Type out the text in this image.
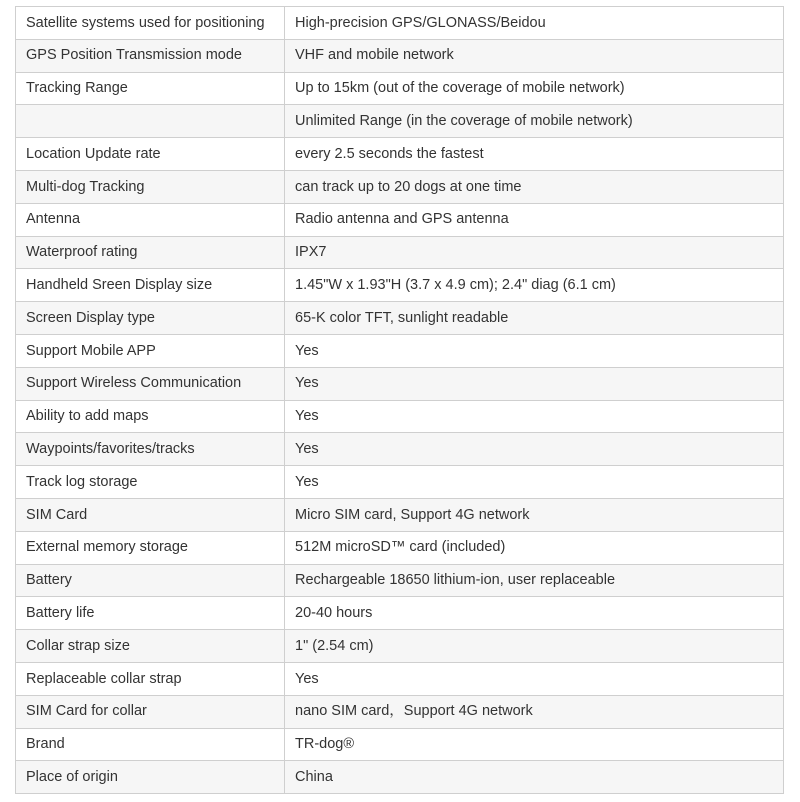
Satellite systems used for positioning	High-precision GPS/GLONASS/Beidou
GPS Position Transmission mode	VHF and mobile network
Tracking Range	Up to 15km (out of the coverage of mobile network)
	Unlimited Range (in the coverage of mobile network)
Location Update rate	every 2.5 seconds the fastest
Multi-dog Tracking	can track up to 20 dogs at one time
Antenna	Radio antenna and GPS antenna
Waterproof rating	IPX7
Handheld Sreen Display size	1.45"W x 1.93"H (3.7 x 4.9 cm); 2.4" diag (6.1 cm)
Screen Display type	65-K color TFT, sunlight readable
Support Mobile APP	Yes
Support Wireless Communication	Yes
Ability to add maps	Yes
Waypoints/favorites/tracks	Yes
Track log storage	Yes
SIM Card	Micro SIM card, Support 4G network
External memory storage	512M microSD™ card (included)
Battery	Rechargeable 18650 lithium-ion, user replaceable
Battery life	20-40 hours
Collar strap size	1" (2.54 cm)
Replaceable collar strap	Yes
SIM Card for collar	nano SIM card，Support 4G network
Brand	TR-dog®
Place of origin	China
